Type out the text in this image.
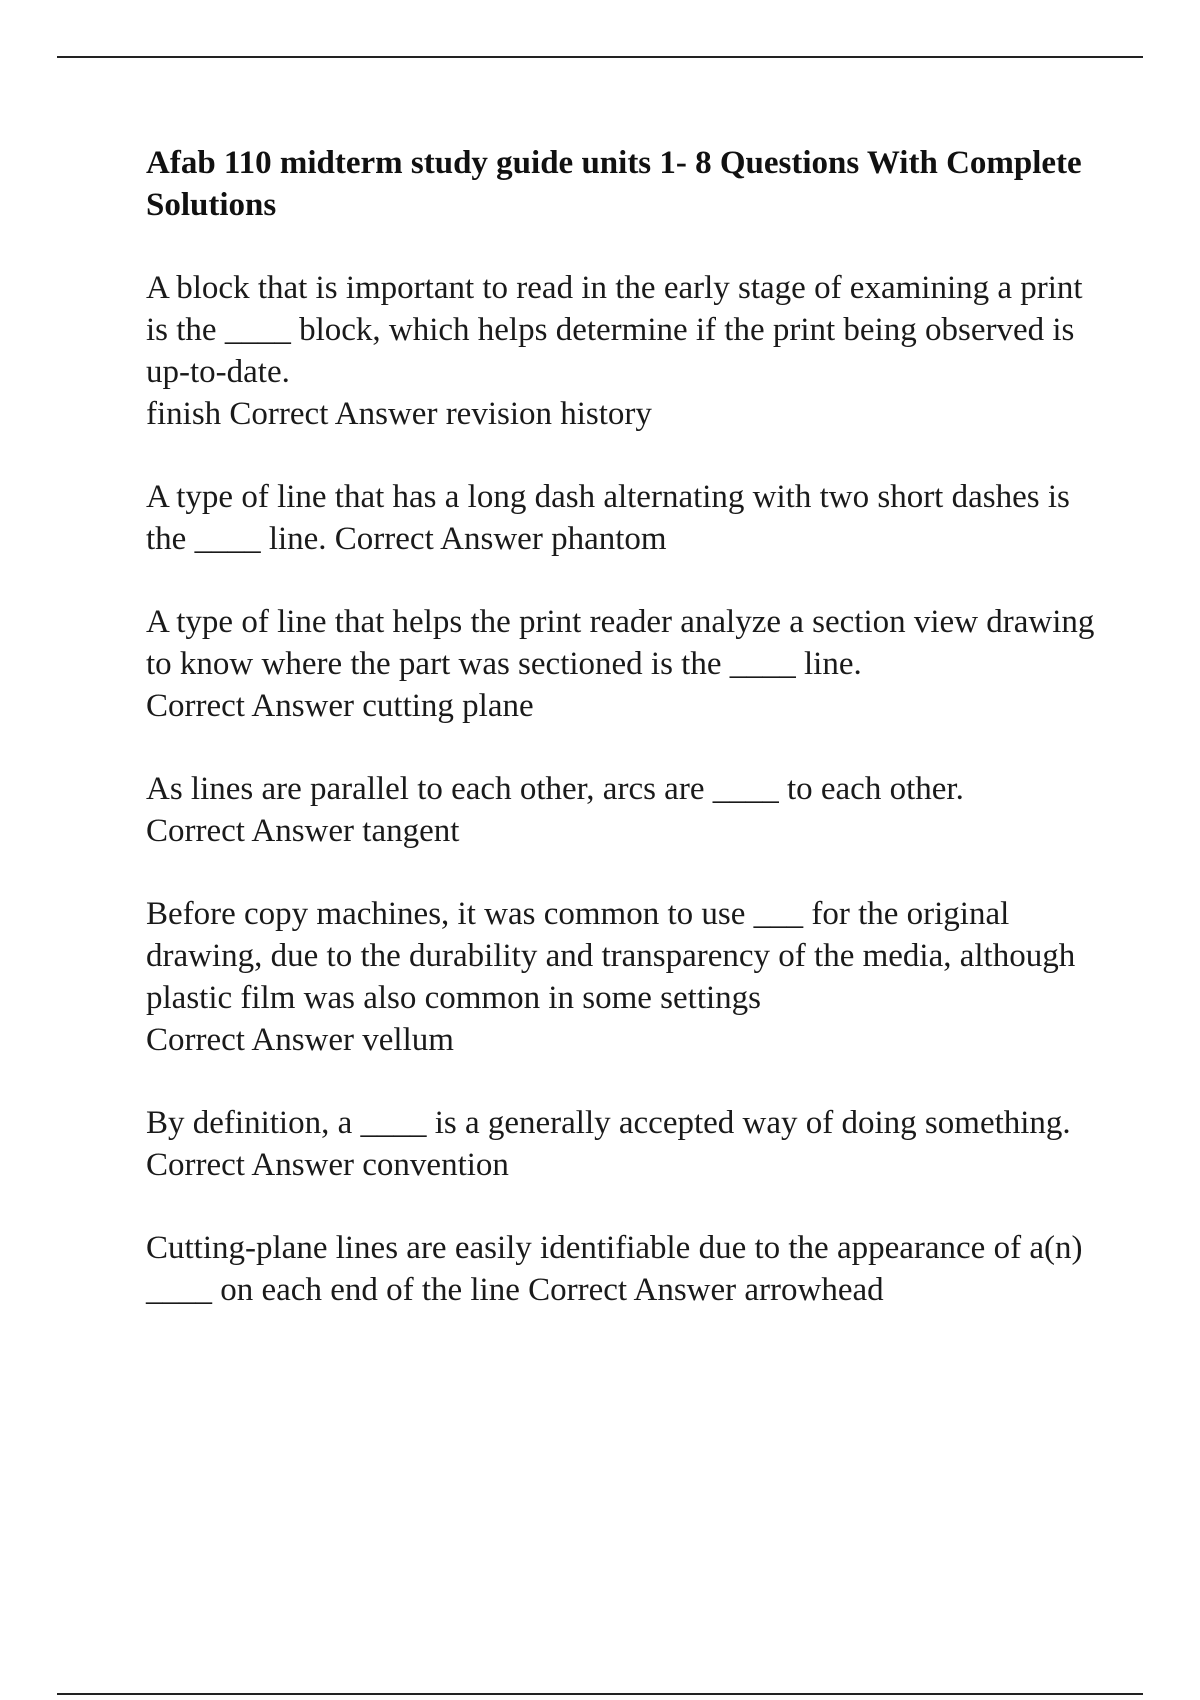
Afab 110 midterm study guide units 1- 8 Questions With Complete Solutions

A block that is important to read in the early stage of examining a print is the ____ block, which helps determine if the print being observed is up-to-date.
finish Correct Answer revision history

A type of line that has a long dash alternating with two short dashes is the ____ line. Correct Answer phantom

A type of line that helps the print reader analyze a section view drawing to know where the part was sectioned is the ____ line.
Correct Answer cutting plane

As lines are parallel to each other, arcs are ____ to each other.
Correct Answer tangent

Before copy machines, it was common to use ___ for the original drawing, due to the durability and transparency of the media, although plastic film was also common in some settings
Correct Answer vellum

By definition, a ____ is a generally accepted way of doing something. Correct Answer convention

Cutting-plane lines are easily identifiable due to the appearance of a(n) ____ on each end of the line Correct Answer arrowhead
